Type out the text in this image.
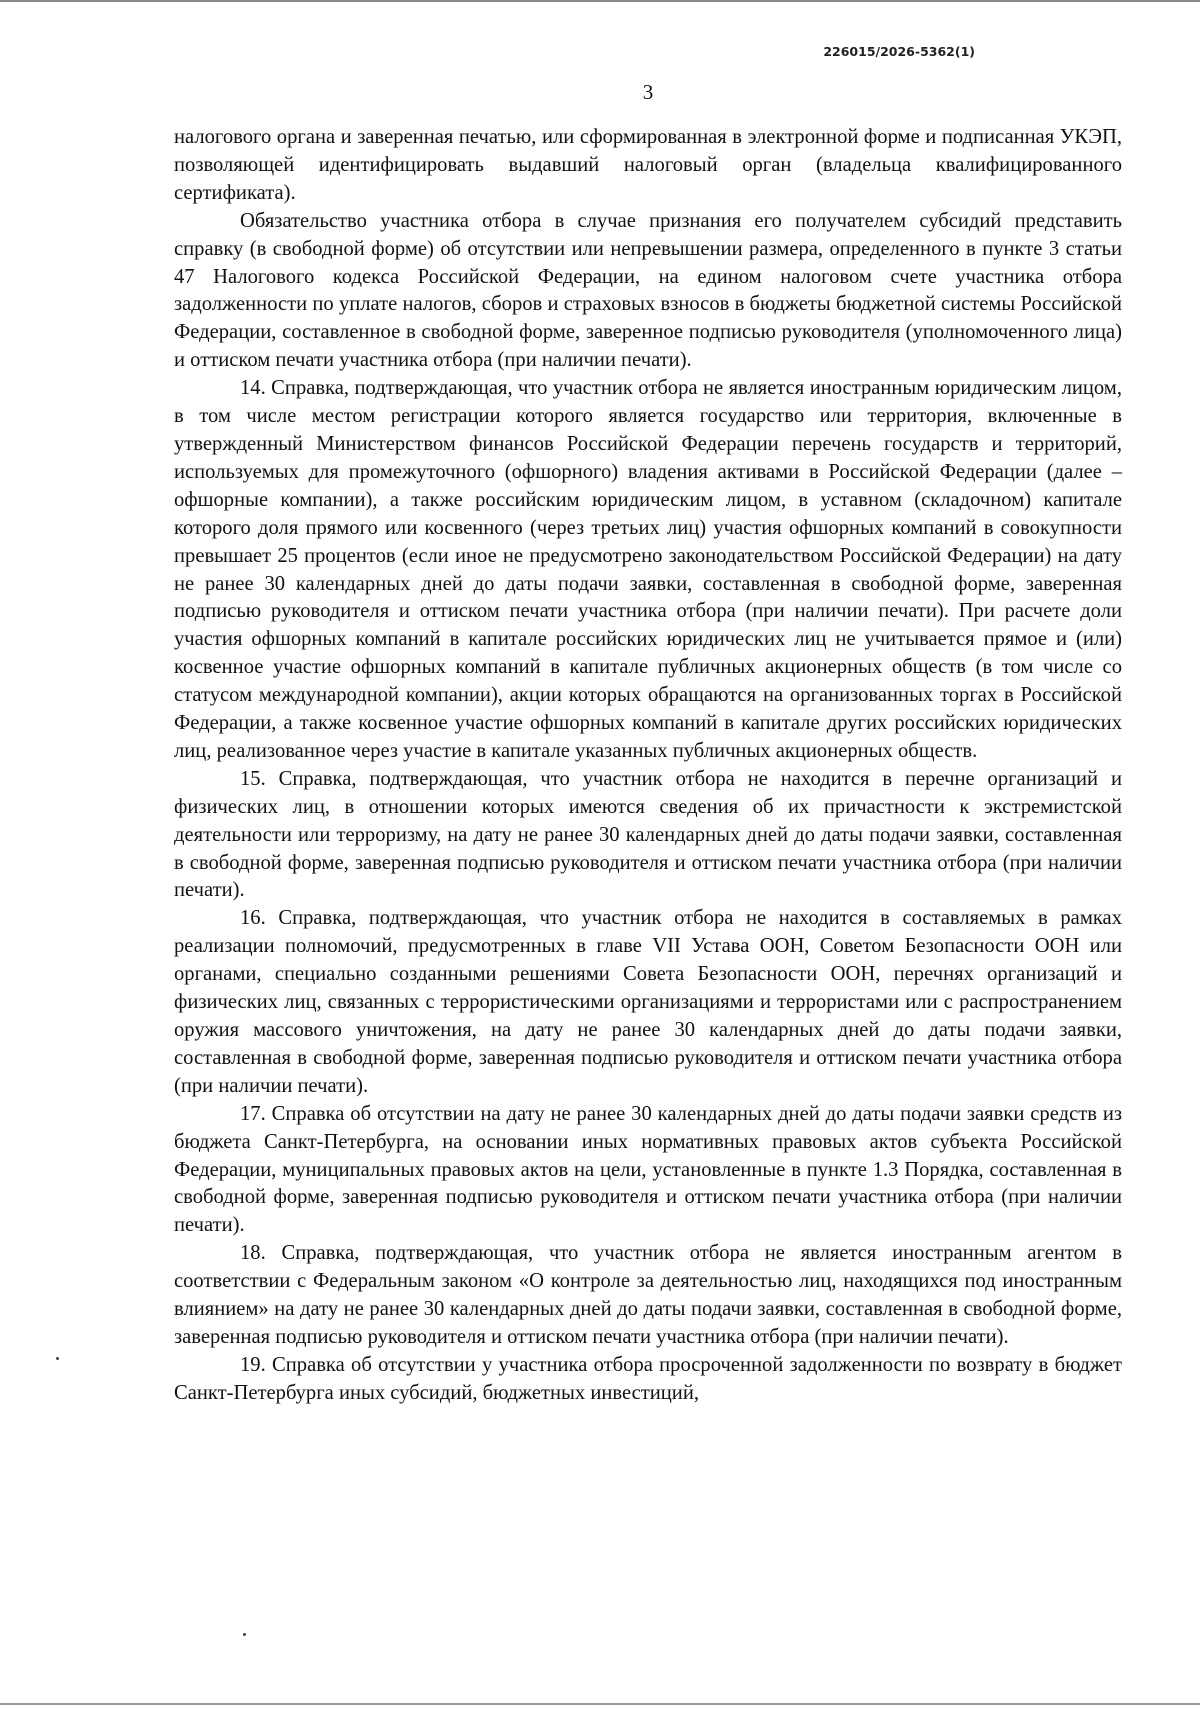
226015/2026-5362(1)
3

налогового органа и заверенная печатью, или сформированная в электронной форме и подписанная УКЭП, позволяющей идентифицировать выдавший налоговый орган (владельца квалифицированного сертификата).

Обязательство участника отбора в случае признания его получателем субсидий представить справку (в свободной форме) об отсутствии или непревышении размера, определенного в пункте 3 статьи 47 Налогового кодекса Российской Федерации, на едином налоговом счете участника отбора задолженности по уплате налогов, сборов и страховых взносов в бюджеты бюджетной системы Российской Федерации, составленное в свободной форме, заверенное подписью руководителя (уполномоченного лица) и оттиском печати участника отбора (при наличии печати).

14. Справка, подтверждающая, что участник отбора не является иностранным юридическим лицом, в том числе местом регистрации которого является государство или территория, включенные в утвержденный Министерством финансов Российской Федерации перечень государств и территорий, используемых для промежуточного (офшорного) владения активами в Российской Федерации (далее – офшорные компании), а также российским юридическим лицом, в уставном (складочном) капитале которого доля прямого или косвенного (через третьих лиц) участия офшорных компаний в совокупности превышает 25 процентов (если иное не предусмотрено законодательством Российской Федерации) на дату не ранее 30 календарных дней до даты подачи заявки, составленная в свободной форме, заверенная подписью руководителя и оттиском печати участника отбора (при наличии печати). При расчете доли участия офшорных компаний в капитале российских юридических лиц не учитывается прямое и (или) косвенное участие офшорных компаний в капитале публичных акционерных обществ (в том числе со статусом международной компании), акции которых обращаются на организованных торгах в Российской Федерации, а также косвенное участие офшорных компаний в капитале других российских юридических лиц, реализованное через участие в капитале указанных публичных акционерных обществ.

15. Справка, подтверждающая, что участник отбора не находится в перечне организаций и физических лиц, в отношении которых имеются сведения об их причастности к экстремистской деятельности или терроризму, на дату не ранее 30 календарных дней до даты подачи заявки, составленная в свободной форме, заверенная подписью руководителя и оттиском печати участника отбора (при наличии печати).

16. Справка, подтверждающая, что участник отбора не находится в составляемых в рамках реализации полномочий, предусмотренных в главе VII Устава ООН, Советом Безопасности ООН или органами, специально созданными решениями Совета Безопасности ООН, перечнях организаций и физических лиц, связанных с террористическими организациями и террористами или с распространением оружия массового уничтожения, на дату не ранее 30 календарных дней до даты подачи заявки, составленная в свободной форме, заверенная подписью руководителя и оттиском печати участника отбора (при наличии печати).

17. Справка об отсутствии на дату не ранее 30 календарных дней до даты подачи заявки средств из бюджета Санкт-Петербурга, на основании иных нормативных правовых актов субъекта Российской Федерации, муниципальных правовых актов на цели, установленные в пункте 1.3 Порядка, составленная в свободной форме, заверенная подписью руководителя и оттиском печати участника отбора (при наличии печати).

18. Справка, подтверждающая, что участник отбора не является иностранным агентом в соответствии с Федеральным законом «О контроле за деятельностью лиц, находящихся под иностранным влиянием» на дату не ранее 30 календарных дней до даты подачи заявки, составленная в свободной форме, заверенная подписью руководителя и оттиском печати участника отбора (при наличии печати).

19. Справка об отсутствии у участника отбора просроченной задолженности по возврату в бюджет Санкт-Петербурга иных субсидий, бюджетных инвестиций,
